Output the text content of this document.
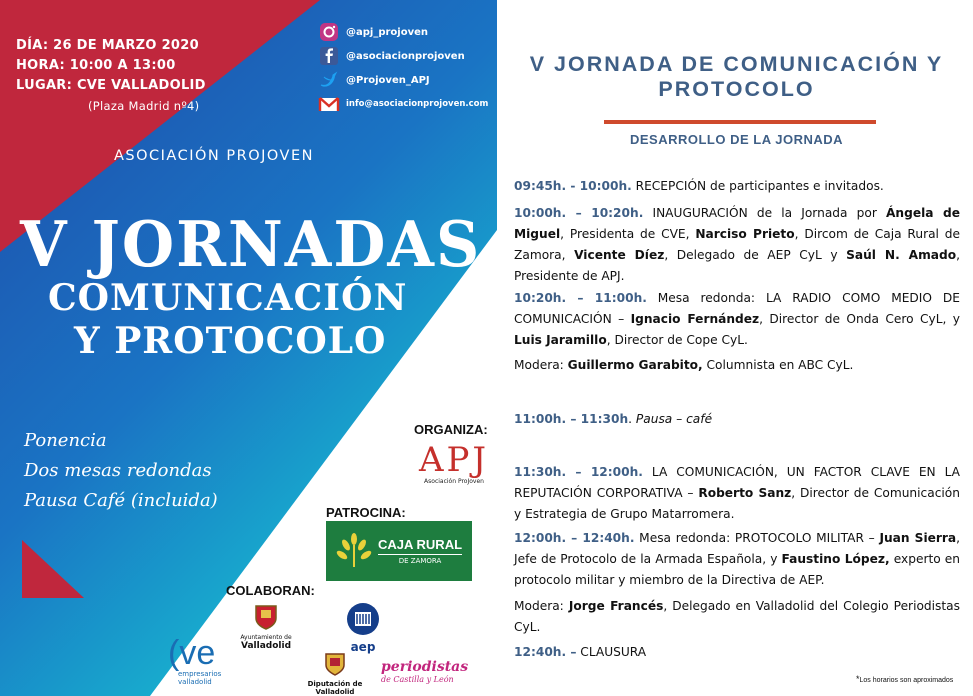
DÍA: 26 DE MARZO 2020
HORA: 10:00 A 13:00
LUGAR: CVE VALLADOLID
(Plaza Madrid nº4)
@apj_projoven
@asociacionprojoven
@Projoven_APJ
info@asociacionprojoven.com
ASOCIACIÓN PROJOVEN
V JORNADAS
COMUNICACIÓN
Y PROTOCOLO
Ponencia
Dos mesas redondas
Pausa Café (incluida)
ORGANIZA:
APJ
Asociación ProJoven
PATROCINA:
CAJA RURAL
DE ZAMORA
COLABORAN:
Ayuntamiento de
Valladolid	aep
(ve
empresarios
valladolid	Diputación de Valladolid
periodistas
de Castilla y León
V JORNADA DE COMUNICACIÓN Y PROTOCOLO
DESARROLLO DE LA JORNADA

09:45h. - 10:00h. RECEPCIÓN de participantes e invitados.

10:00h. – 10:20h. INAUGURACIÓN de la Jornada por Ángela de Miguel, Presidenta de CVE, Narciso Prieto, Dircom de Caja Rural de Zamora, Vicente Díez, Delegado de AEP CyL y Saúl N. Amado, Presidente de APJ.

10:20h. – 11:00h. Mesa redonda: LA RADIO COMO MEDIO DE COMUNICACIÓN – Ignacio Fernández, Director de Onda Cero CyL, y Luis Jaramillo, Director de Cope CyL.

Modera: Guillermo Garabito, Columnista en ABC CyL.

11:00h. – 11:30h. Pausa – café

11:30h. – 12:00h. LA COMUNICACIÓN, UN FACTOR CLAVE EN LA REPUTACIÓN CORPORATIVA – Roberto Sanz, Director de Comunicación y Estrategia de Grupo Matarromera.

12:00h. – 12:40h. Mesa redonda: PROTOCOLO MILITAR – Juan Sierra, Jefe de Protocolo de la Armada Española, y Faustino López, experto en protocolo militar y miembro de la Directiva de AEP.

Modera: Jorge Francés, Delegado en Valladolid del Colegio Periodistas CyL.

12:40h. – CLAUSURA

*Los horarios son aproximados
